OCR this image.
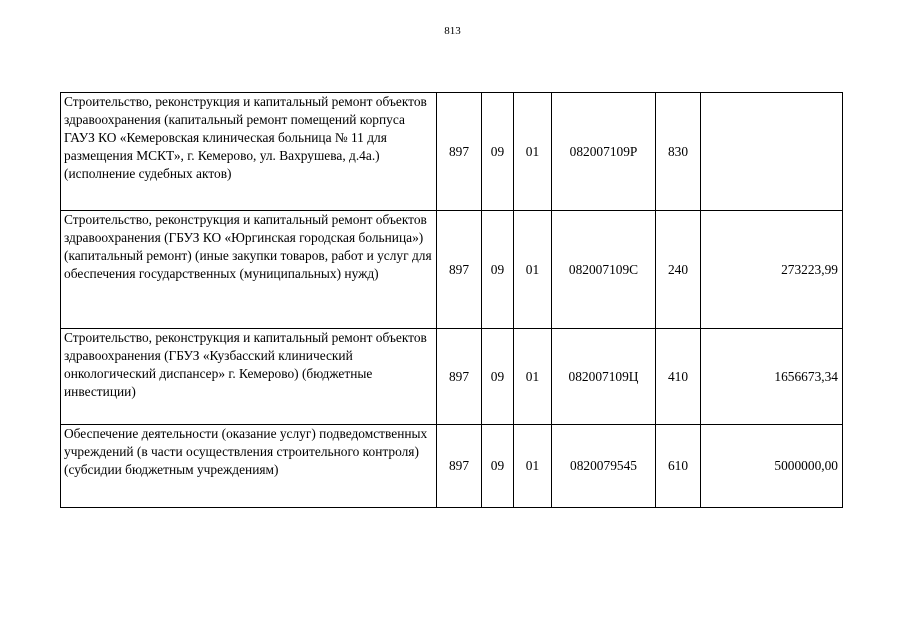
813
Строительство, реконструкция и капитальный ремонт объектов здравоохранения (капитальный ремонт помещений корпуса ГАУЗ КО «Кемеровская клиническая больница № 11 для размещения МСКТ», г. Кемерово, ул. Вахрушева, д.4а.) (исполнение судебных актов)	897	09	01	082007109Р	830	
Строительство, реконструкция и капитальный ремонт объектов здравоохранения (ГБУЗ КО «Юргинская городская больница») (капитальный ремонт) (иные закупки товаров, работ и услуг для обеспечения государственных (муниципальных) нужд)	897	09	01	082007109С	240	273223,99
Строительство, реконструкция и капитальный ремонт объектов здравоохранения (ГБУЗ «Кузбасский клинический онкологический диспансер» г. Кемерово) (бюджетные инвестиции)	897	09	01	082007109Ц	410	1656673,34
Обеспечение деятельности (оказание услуг) подведомственных учреждений (в части осуществления строительного контроля) (субсидии бюджетным учреждениям)	897	09	01	0820079545	610	5000000,00
